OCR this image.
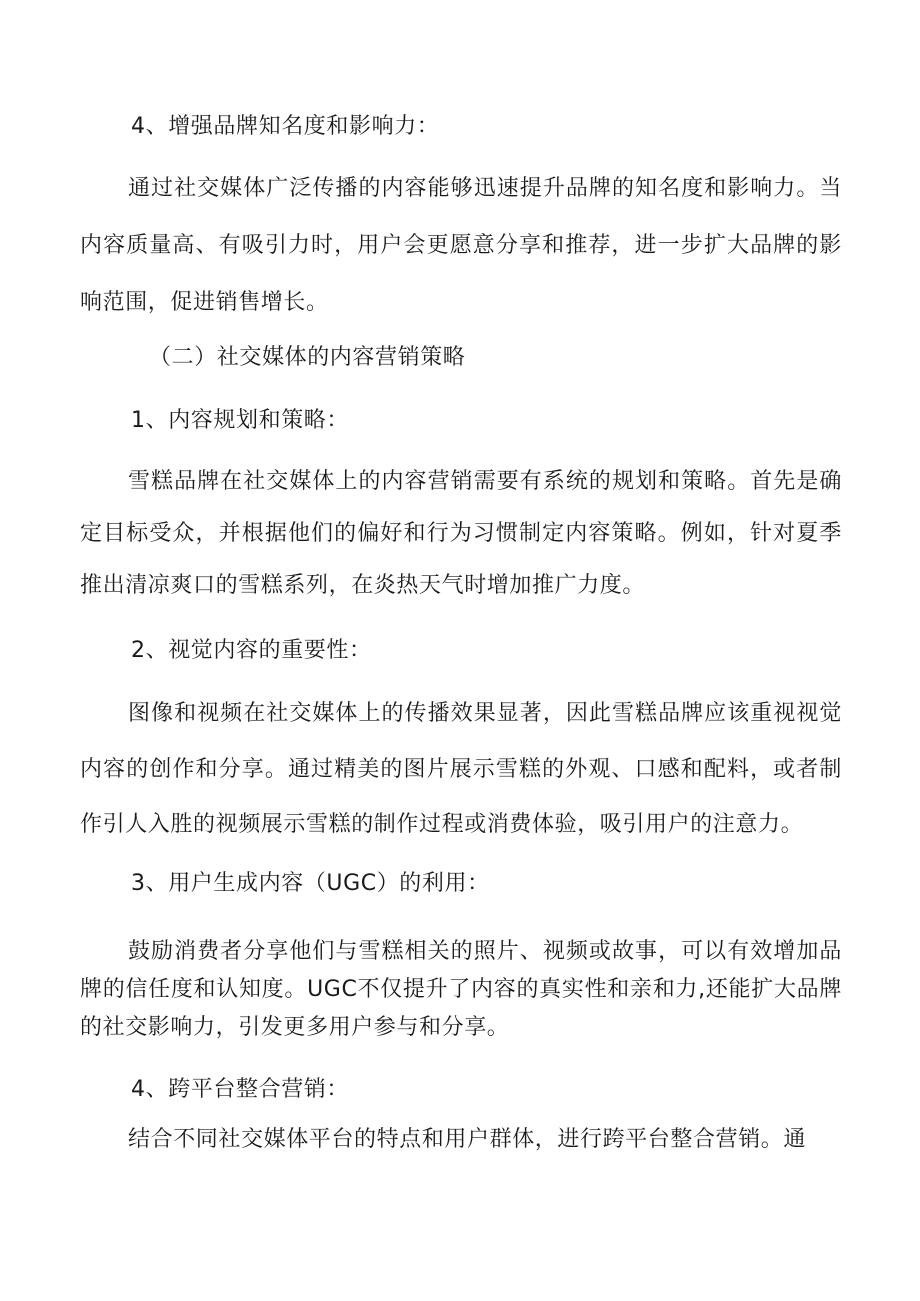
4、增强品牌知名度和影响力：
通过社交媒体广泛传播的内容能够迅速提升品牌的知名度和影响力。当内容质量高、有吸引力时，用户会更愿意分享和推荐，进一步扩大品牌的影响范围，促进销售增长。
（二）社交媒体的内容营销策略
1、内容规划和策略：
雪糕品牌在社交媒体上的内容营销需要有系统的规划和策略。首先是确定目标受众，并根据他们的偏好和行为习惯制定内容策略。例如，针对夏季推出清凉爽口的雪糕系列，在炎热天气时增加推广力度。
2、视觉内容的重要性：
图像和视频在社交媒体上的传播效果显著，因此雪糕品牌应该重视视觉内容的创作和分享。通过精美的图片展示雪糕的外观、口感和配料，或者制作引人入胜的视频展示雪糕的制作过程或消费体验，吸引用户的注意力。
3、用户生成内容（UGC）的利用：
鼓励消费者分享他们与雪糕相关的照片、视频或故事，可以有效增加品牌的信任度和认知度。UGC不仅提升了内容的真实性和亲和力,还能扩大品牌的社交影响力，引发更多用户参与和分享。
4、跨平台整合营销：
结合不同社交媒体平台的特点和用户群体，进行跨平台整合营销。通
